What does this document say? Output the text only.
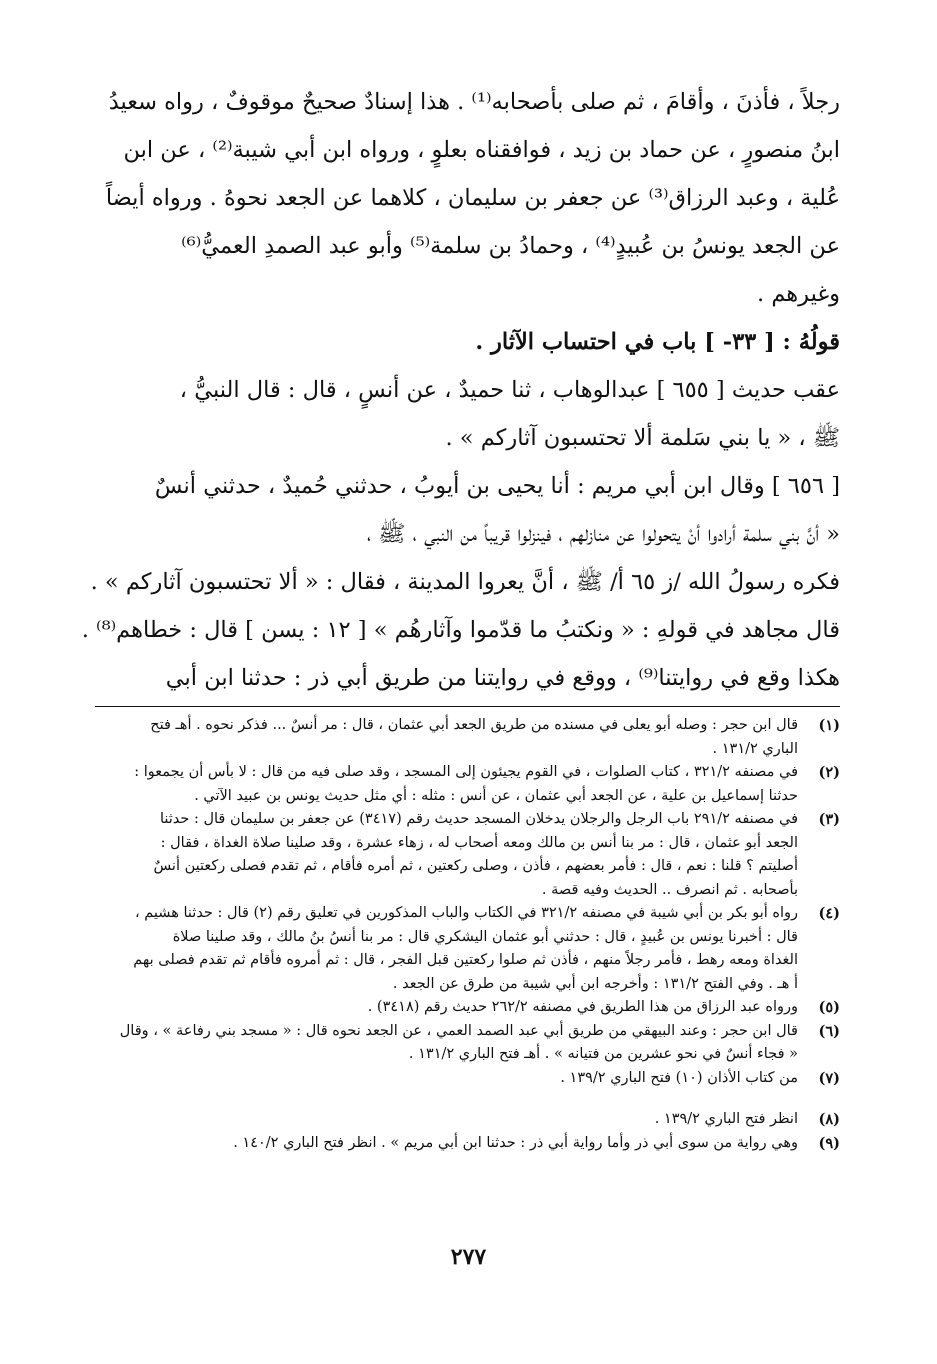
رجلاً ، فأذنَ ، وأقامَ ، ثم صلى بأصحابه⁽¹⁾ . هذا إسنادٌ صحيحٌ موقوفٌ ، رواه سعيدُ
ابنُ منصورٍ ، عن حماد بن زيد ، فوافقناه بعلوٍ ، ورواه ابن أبي شيبة⁽²⁾ ، عن ابن
عُلية ، وعبد الرزاق⁽³⁾ عن جعفر بن سليمان ، كلاهما عن الجعد نحوهُ . ورواه أيضاً
عن الجعد يونسُ بن عُبيدٍ⁽⁴⁾ ، وحمادُ بن سلمة⁽⁵⁾ وأبو عبد الصمدِ العميُّ⁽⁶⁾
وغيرهم .
قولُهُ : [ ٣٣- ] باب في احتساب الآثار .
عقب حديث [ ٦٥٥ ] عبدالوهاب ، ثنا حميدٌ ، عن أنسٍ ، قال : قال النبيُّ ،
ﷺ ، « يا بني سَلمة ألا تحتسبون آثاركم » .
[ ٦٥٦ ] وقال ابن أبي مريم : أنا يحيى بن أيوبُ ، حدثني حُميدٌ ، حدثني أنسٌ
« أنَّ بني سلمة أرادوا أنْ يتحولوا عن منازلهم ، فينزلوا قريباً من النبي ، ﷺ ،
فكره رسولُ الله /ز ٦٥ أ/ ﷺ ، أنَّ يعروا المدينة ، فقال : « ألا تحتسبون آثاركم » .
قال مجاهد في قولهِ : « ونكتبُ ما قدّموا وآثارهُم » [ ١٢ : يسن ] قال : خطاهم⁽⁸⁾ .
هكذا وقع في روايتنا⁽⁹⁾ ، ووقع في روايتنا من طريق أبي ذر : حدثنا ابن أبي
(١)
قال ابن حجر : وصله أبو يعلى في مسنده من طريق الجعد أبي عثمان ، قال : مر أنسٌ ... فذكر نحوه . أهـ فتح
الباري ١٣١/٢ .
(٢)
في مصنفه ٣٢١/٢ ، كتاب الصلوات ، في القوم يجيئون إلى المسجد ، وقد صلى فيه من قال : لا بأس أن يجمعوا :
حدثنا إسماعيل بن علية ، عن الجعد أبي عثمان ، عن أنس : مثله : أي مثل حديث يونس بن عبيد الآتي .
(٣)
في مصنفه ٢٩١/٢ باب الرجل والرجلان يدخلان المسجد حديث رقم (٣٤١٧) عن جعفر بن سليمان قال : حدثنا
الجعد أبو عثمان ، قال : مر بنا أنس بن مالك ومعه أصحاب له ، زهاء عشرة ، وقد صلينا صلاة الغداة ، فقال :
أصليتم ؟ قلنا : نعم ، قال : فأمر بعضهم ، فأذن ، وصلى ركعتين ، ثم أمره فأقام ، ثم تقدم فصلى ركعتين أنسٌ
بأصحابه . ثم انصرف .. الحديث وفيه قصة .
(٤)
رواه أبو بكر بن أبي شيبة في مصنفه ٣٢١/٢ في الكتاب والباب المذكورين في تعليق رقم (٢) قال : حدثنا هشيم ،
قال : أخبرنا يونس بن عُبيدٍ ، قال : حدثني أبو عثمان اليشكري قال : مر بنا أنسُ بنُ مالك ، وقد صلينا صلاة
الغداة ومعه رهط ، فأمر رجلاً منهم ، فأذن ثم صلوا ركعتين قبل الفجر ، قال : ثم أمروه فأقام ثم تقدم فصلى بهم
أ هـ . وفي الفتح ١٣١/٢ : وأخرجه ابن أبي شيبة من طرق عن الجعد .
(٥)
ورواه عبد الرزاق من هذا الطريق في مصنفه ٢٦٢/٢ حديث رقم (٣٤١٨) .
(٦)
قال ابن حجر : وعند البيهقي من طريق أبي عبد الصمد العمي ، عن الجعد نحوه قال : « مسجد بني رفاعة » ، وقال
« فجاء أنسٌ في نحو عشرين من فتيانه » . أهـ فتح الباري ١٣١/٢ .
(٧)
من كتاب الأذان (١٠) فتح الباري ١٣٩/٢ .
(٨)
انظر فتح الباري ١٣٩/٢ .
(٩)
وهي رواية من سوى أبي ذر وأما رواية أبي ذر : حدثنا ابن أبي مريم » . انظر فتح الباري ١٤٠/٢ .
٢٧٧
